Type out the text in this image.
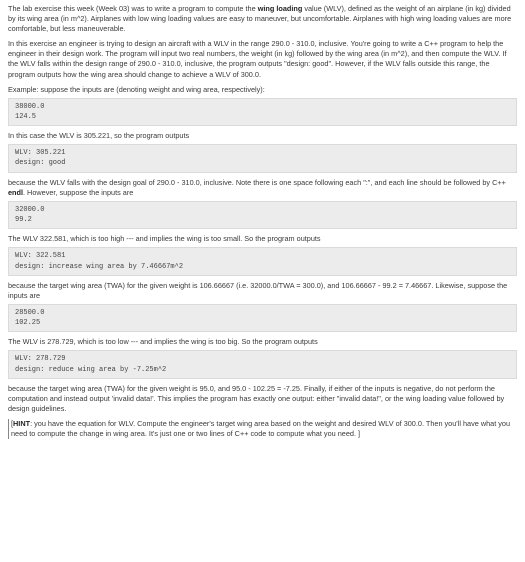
The lab exercise this week (Week 03) was to write a program to compute the wing loading value (WLV), defined as the weight of an airplane (in kg) divided by its wing area (in m^2). Airplanes with low wing loading values are easy to maneuver, but uncomfortable. Airplanes with high wing loading values are more comfortable, but less maneuverable.

In this exercise an engineer is trying to design an aircraft with a WLV in the range 290.0 - 310.0, inclusive. You're going to write a C++ program to help the engineer in their design work. The program will input two real numbers, the weight (in kg) followed by the wing area (in m^2), and then compute the WLV. If the WLV falls within the design range of 290.0 - 310.0, inclusive, the program outputs "design: good". However, if the WLV falls outside this range, the program outputs how the wing area should change to achieve a WLV of 300.0.

Example: suppose the inputs are (denoting weight and wing area, respectively):

38000.0
124.5

In this case the WLV is 305.221, so the program outputs

WLV: 305.221
design: good

because the WLV falls with the design goal of 290.0 - 310.0, inclusive. Note there is one space following each ":", and each line should be followed by C++ endl. However, suppose the inputs are

32000.0
99.2

The WLV 322.581, which is too high --- and implies the wing is too small. So the program outputs

WLV: 322.581
design: increase wing area by 7.46667m^2

because the target wing area (TWA) for the given weight is 106.66667 (i.e. 32000.0/TWA = 300.0), and 106.66667 - 99.2 = 7.46667. Likewise, suppose the inputs are

28500.0
102.25

The WLV is 278.729, which is too low --- and implies the wing is too big. So the program outputs

WLV: 278.729
design: reduce wing area by -7.25m^2

because the target wing area (TWA) for the given weight is 95.0, and 95.0 - 102.25 = -7.25. Finally, if either of the inputs is negative, do not perform the computation and instead output 'invalid data!'. This implies the program has exactly one output: either "invalid data!", or the wing loading value followed by design guidelines.

[HINT: you have the equation for WLV. Compute the engineer's target wing area based on the weight and desired WLV of 300.0. Then you'll have what you need to compute the change in wing area. It's just one or two lines of C++ code to compute what you need. ]
